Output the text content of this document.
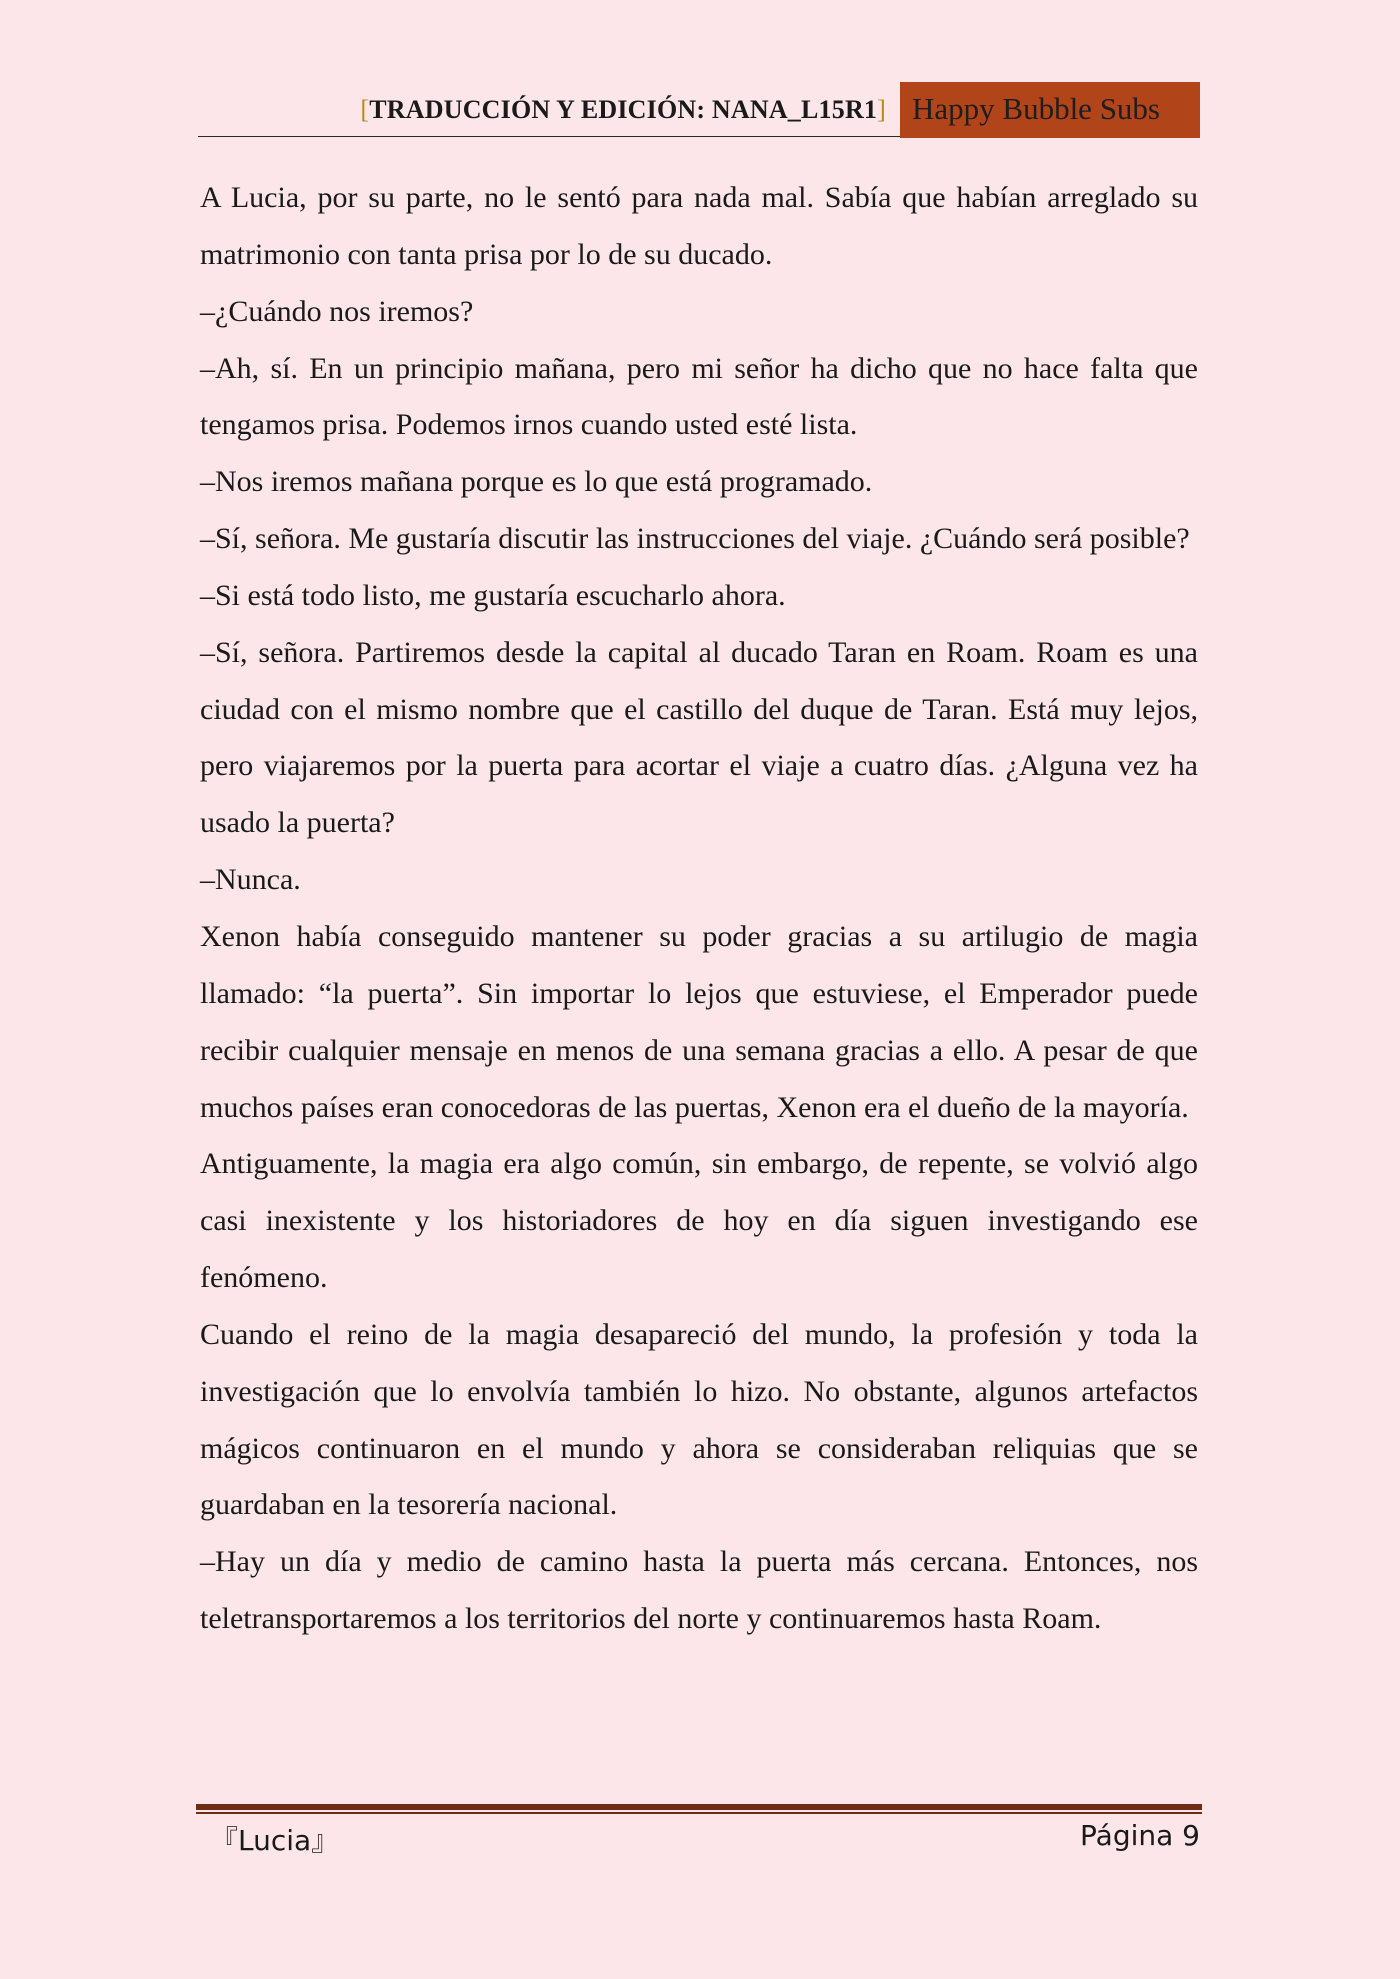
[TRADUCCIÓN Y EDICIÓN: NANA_L15R1] Happy Bubble Subs

A Lucia, por su parte, no le sentó para nada mal. Sabía que habían arreglado su matrimonio con tanta prisa por lo de su ducado.

–¿Cuándo nos iremos?

–Ah, sí. En un principio mañana, pero mi señor ha dicho que no hace falta que tengamos prisa. Podemos irnos cuando usted esté lista.

–Nos iremos mañana porque es lo que está programado.

–Sí, señora. Me gustaría discutir las instrucciones del viaje. ¿Cuándo será posible?

–Si está todo listo, me gustaría escucharlo ahora.

–Sí, señora. Partiremos desde la capital al ducado Taran en Roam. Roam es una ciudad con el mismo nombre que el castillo del duque de Taran. Está muy lejos, pero viajaremos por la puerta para acortar el viaje a cuatro días. ¿Alguna vez ha usado la puerta?

–Nunca.

Xenon había conseguido mantener su poder gracias a su artilugio de magia llamado: “la puerta”. Sin importar lo lejos que estuviese, el Emperador puede recibir cualquier mensaje en menos de una semana gracias a ello. A pesar de que muchos países eran conocedoras de las puertas, Xenon era el dueño de la mayoría.

Antiguamente, la magia era algo común, sin embargo, de repente, se volvió algo casi inexistente y los historiadores de hoy en día siguen investigando ese fenómeno.

Cuando el reino de la magia desapareció del mundo, la profesión y toda la investigación que lo envolvía también lo hizo. No obstante, algunos artefactos mágicos continuaron en el mundo y ahora se consideraban reliquias que se guardaban en la tesorería nacional.

–Hay un día y medio de camino hasta la puerta más cercana. Entonces, nos teletransportaremos a los territorios del norte y continuaremos hasta Roam.

『Lucia』	Página 9
